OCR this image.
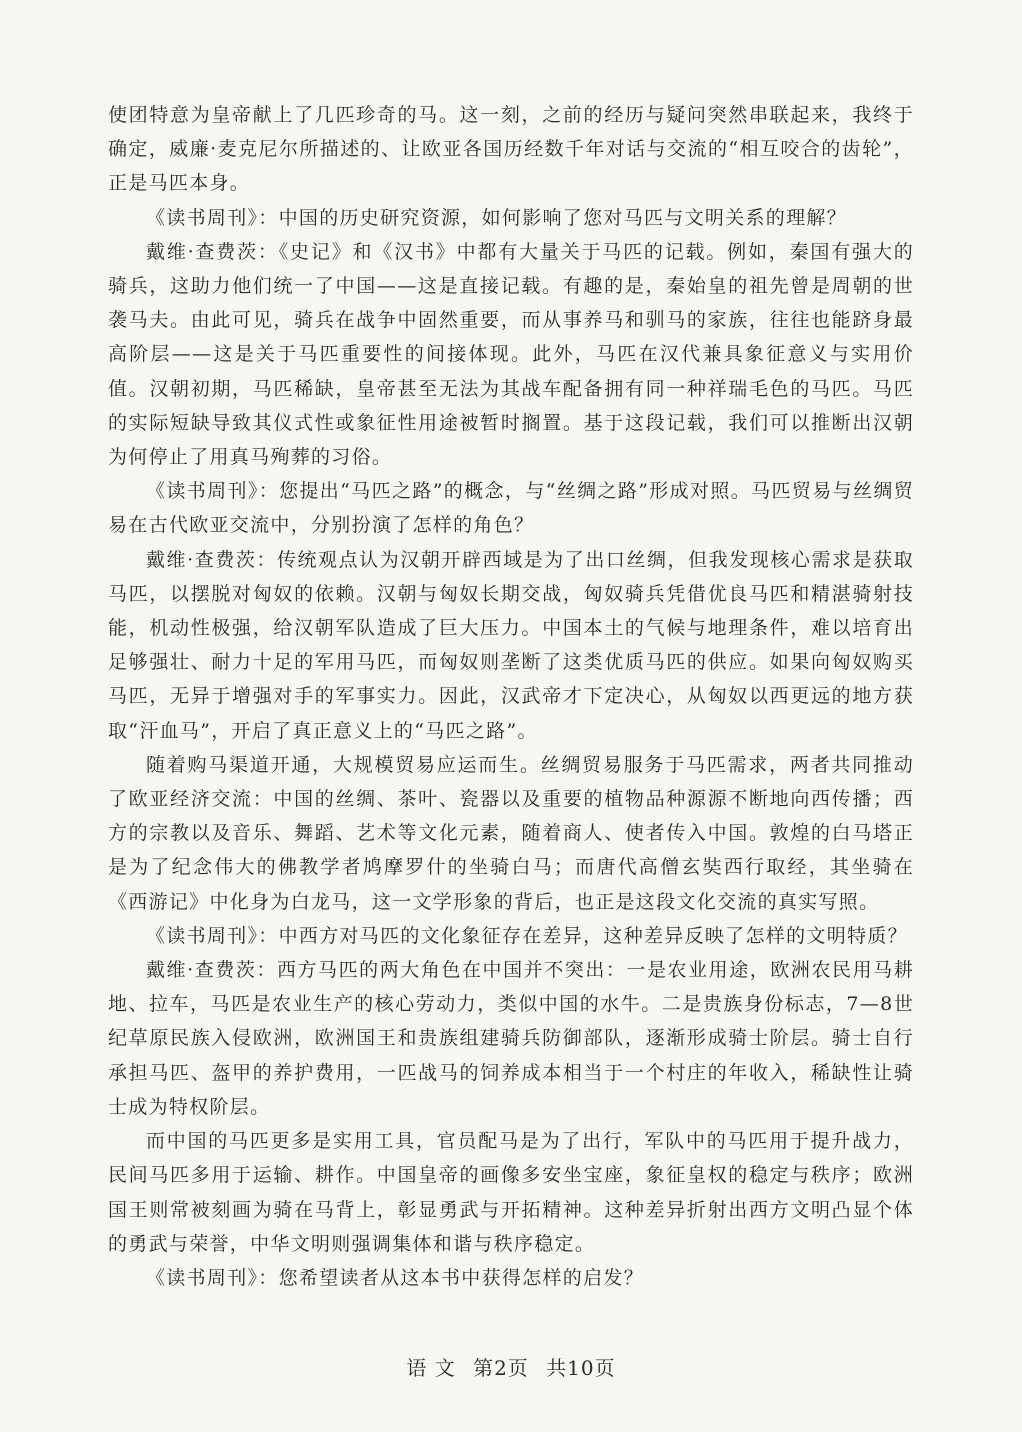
使团特意为皇帝献上了几匹珍奇的马。这一刻，之前的经历与疑问突然串联起来，我终于确定，威廉·麦克尼尔所描述的、让欧亚各国历经数千年对话与交流的“相互咬合的齿轮”，正是马匹本身。

《读书周刊》：中国的历史研究资源，如何影响了您对马匹与文明关系的理解？

戴维·查费茨：《史记》和《汉书》中都有大量关于马匹的记载。例如，秦国有强大的骑兵，这助力他们统一了中国——这是直接记载。有趣的是，秦始皇的祖先曾是周朝的世袭马夫。由此可见，骑兵在战争中固然重要，而从事养马和驯马的家族，往往也能跻身最高阶层——这是关于马匹重要性的间接体现。此外，马匹在汉代兼具象征意义与实用价值。汉朝初期，马匹稀缺，皇帝甚至无法为其战车配备拥有同一种祥瑞毛色的马匹。马匹的实际短缺导致其仪式性或象征性用途被暂时搁置。基于这段记载，我们可以推断出汉朝为何停止了用真马殉葬的习俗。

《读书周刊》：您提出“马匹之路”的概念，与“丝绸之路”形成对照。马匹贸易与丝绸贸易在古代欧亚交流中，分别扮演了怎样的角色？

戴维·查费茨：传统观点认为汉朝开辟西域是为了出口丝绸，但我发现核心需求是获取马匹，以摆脱对匈奴的依赖。汉朝与匈奴长期交战，匈奴骑兵凭借优良马匹和精湛骑射技能，机动性极强，给汉朝军队造成了巨大压力。中国本土的气候与地理条件，难以培育出足够强壮、耐力十足的军用马匹，而匈奴则垄断了这类优质马匹的供应。如果向匈奴购买马匹，无异于增强对手的军事实力。因此，汉武帝才下定决心，从匈奴以西更远的地方获取“汗血马”，开启了真正意义上的“马匹之路”。

随着购马渠道开通，大规模贸易应运而生。丝绸贸易服务于马匹需求，两者共同推动了欧亚经济交流：中国的丝绸、茶叶、瓷器以及重要的植物品种源源不断地向西传播；西方的宗教以及音乐、舞蹈、艺术等文化元素，随着商人、使者传入中国。敦煌的白马塔正是为了纪念伟大的佛教学者鸠摩罗什的坐骑白马；而唐代高僧玄奘西行取经，其坐骑在《西游记》中化身为白龙马，这一文学形象的背后，也正是这段文化交流的真实写照。

《读书周刊》：中西方对马匹的文化象征存在差异，这种差异反映了怎样的文明特质？

戴维·查费茨：西方马匹的两大角色在中国并不突出：一是农业用途，欧洲农民用马耕地、拉车，马匹是农业生产的核心劳动力，类似中国的水牛。二是贵族身份标志，7—8世纪草原民族入侵欧洲，欧洲国王和贵族组建骑兵防御部队，逐渐形成骑士阶层。骑士自行承担马匹、盔甲的养护费用，一匹战马的饲养成本相当于一个村庄的年收入，稀缺性让骑士成为特权阶层。

而中国的马匹更多是实用工具，官员配马是为了出行，军队中的马匹用于提升战力，民间马匹多用于运输、耕作。中国皇帝的画像多安坐宝座，象征皇权的稳定与秩序；欧洲国王则常被刻画为骑在马背上，彰显勇武与开拓精神。这种差异折射出西方文明凸显个体的勇武与荣誉，中华文明则强调集体和谐与秩序稳定。

《读书周刊》：您希望读者从这本书中获得怎样的启发？

语 文 第2页 共10页
